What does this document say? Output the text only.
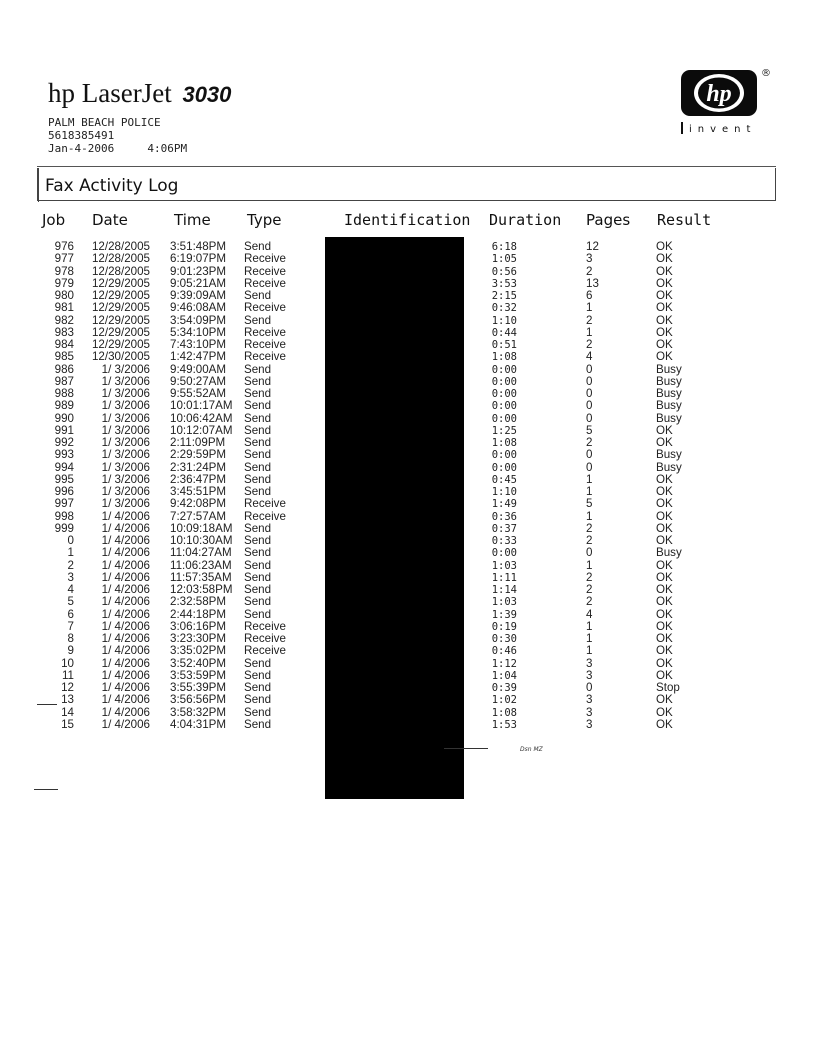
hp LaserJet 3030
PALM BEACH POLICE
5618385491
Jan-4-2006	4:06PM
hp
®
invent
Fax Activity Log
Job Date	Time Type	Identification Duration Pages Result
976	12/28/2005 3:51:48PM	Send	6:18	12	OK
977	12/28/2005 6:19:07PM	Receive	1:05	3	OK
978	12/28/2005 9:01:23PM	Receive	0:56	2	OK
979	12/29/2005 9:05:21AM	Receive	3:53	13	OK
980	12/29/2005 9:39:09AM	Send	2:15	6	OK
981	12/29/2005 9:46:08AM	Receive	0:32	1	OK
982	12/29/2005 3:54:09PM	Send	1:10	2	OK
983	12/29/2005 5:34:10PM	Receive	0:44	1	OK
984	12/29/2005 7:43:10PM	Receive	0:51	2	OK
985	12/30/2005 1:42:47PM	Receive	1:08	4	OK
986	1/ 3/2006 9:49:00AM	Send	0:00	0	Busy
987	1/ 3/2006 9:50:27AM	Send	0:00	0	Busy
988	1/ 3/2006 9:55:52AM	Send	0:00	0	Busy
989	1/ 3/2006 10:01:17AM Send	0:00	0	Busy
990	1/ 3/2006 10:06:42AM Send	0:00	0	Busy
991	1/ 3/2006 10:12:07AM Send	1:25	5	OK
992	1/ 3/2006 2:11:09PM	Send	1:08	2	OK
993	1/ 3/2006 2:29:59PM	Send	0:00	0	Busy
994	1/ 3/2006 2:31:24PM	Send	0:00	0	Busy
995	1/ 3/2006 2:36:47PM	Send	0:45	1	OK
996	1/ 3/2006 3:45:51PM	Send	1:10	1	OK
997	1/ 3/2006 9:42:08PM	Receive	1:49	5	OK
998	1/ 4/2006 7:27:57AM	Receive	0:36	1	OK
999	1/ 4/2006 10:09:18AM Send	0:37	2	OK
0	1/ 4/2006 10:10:30AM Send	0:33	2	OK
1	1/ 4/2006 11:04:27AM Send	0:00	0	Busy
2	1/ 4/2006 11:06:23AM Send	1:03	1	OK
3	1/ 4/2006 11:57:35AM Send	1:11	2	OK
4	1/ 4/2006 12:03:58PM Send	1:14	2	OK
5	1/ 4/2006 2:32:58PM	Send	1:03	2	OK
6	1/ 4/2006 2:44:18PM	Send	1:39	4	OK
7	1/ 4/2006 3:06:16PM	Receive	0:19	1	OK
8	1/ 4/2006 3:23:30PM	Receive	0:30	1	OK
9	1/ 4/2006 3:35:02PM	Receive	0:46	1	OK
10	1/ 4/2006 3:52:40PM	Send	1:12	3	OK
11	1/ 4/2006 3:53:59PM	Send	1:04	3	OK
12	1/ 4/2006 3:55:39PM	Send	0:39	0	Stop
13	1/ 4/2006 3:56:56PM	Send	1:02	3	OK
14	1/ 4/2006 3:58:32PM	Send	1:08	3	OK
15	1/ 4/2006 4:04:31PM	Send	1:53	3	OK
Dsn MZ
